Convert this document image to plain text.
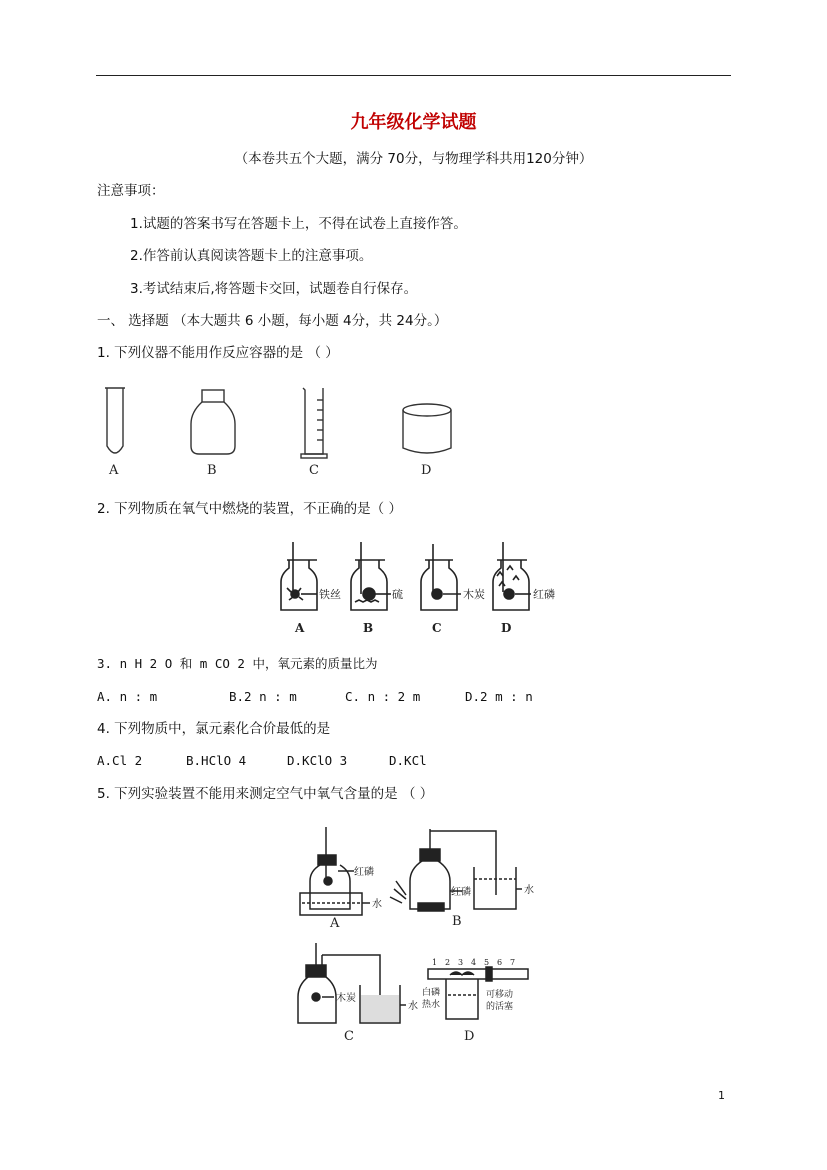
九年级化学试题
（本卷共五个大题，满分 70分，与物理学科共用120分钟）
注意事项：
1.试题的答案书写在答题卡上，不得在试卷上直接作答。
2.作答前认真阅读答题卡上的注意事项。
3.考试结束后,将答题卡交回，试题卷自行保存。
一、 选择题 （本大题共 6 小题，每小题 4分，共 24分。）
1. 下列仪器不能用作反应容器的是 （ ）
A	B	C	D
2. 下列物质在氧气中燃烧的装置，不正确的是（ ）
铁丝	硫	木炭	红磷
A	B	C	D
3. n H 2 O 和 m CO 2 中，氧元素的质量比为
A. n : m	B.2 n : m	C. n : 2 m	D.2 m : n
4. 下列物质中，氯元素化合价最低的是
A.Cl 2	B.HClO 4	D.KClO 3	D.KCl
5. 下列实验装置不能用来测定空气中氧气含量的是 （ ）
红磷
水
A
红磷	水
B
木炭
水
C
1 2 3 4 5 6 7
白磷
热水
可移动
的活塞
D
1
